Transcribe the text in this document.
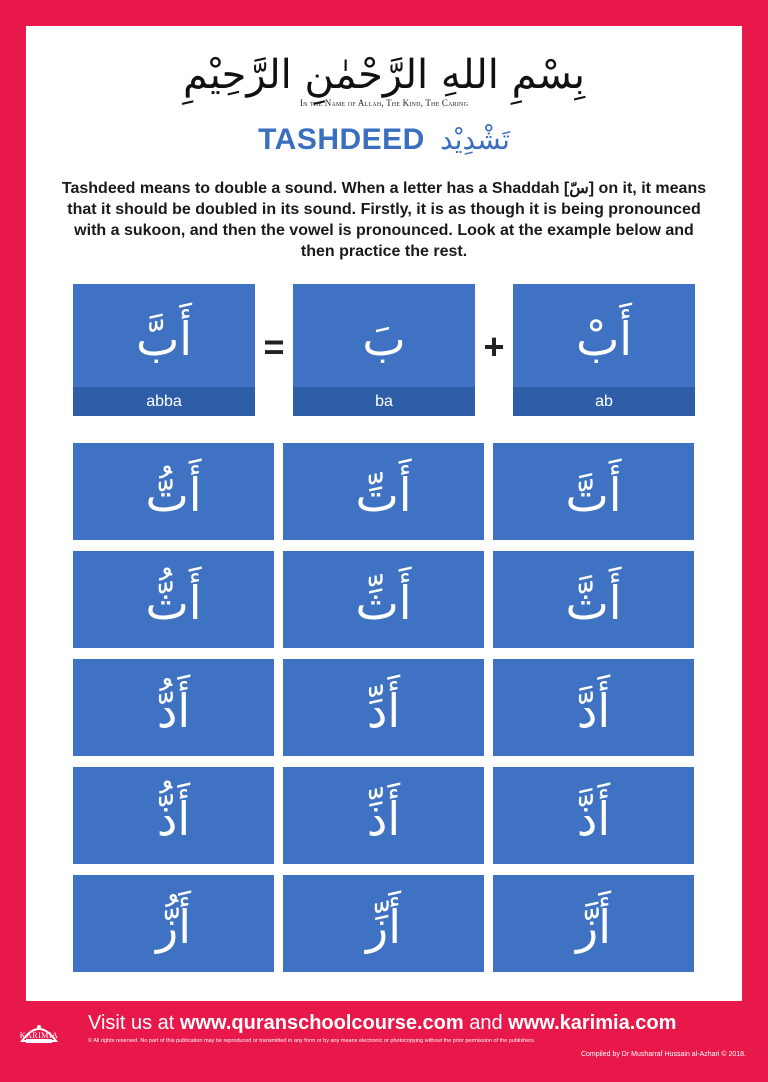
بِسْمِ اللهِ الرَّحْمٰنِ الرَّحِيْمِ
In the Name of Allah, The Kind, The Caring
TASHDEED تَشْدِيْد
Tashdeed means to double a sound. When a letter has a Shaddah [سّ] on it, it means that it should be doubled in its sound. Firstly, it is as though it is being pronounced with a sukoon, and then the vowel is pronounced. Look at the example below and then practice the rest.
أَبَّ
abba
=	بَ
ba
+	أَبْ
ab
أَتُّ	أَتِّ	أَتَّ
أَثُّ	أَثِّ	أَثَّ
أَدُّ	أَدِّ	أَدَّ
أَذُّ	أَذِّ	أَذَّ
أَزُّ	أَزِّ	أَزَّ
KARIMIA
Visit us at www.quranschoolcourse.com and www.karimia.com
© All rights reserved. No part of this publication may be reproduced or transmitted in any form or by any means electronic or photocopying without the prior permission of the publishers.
Compiled by Dr Musharraf Hussain al-Azhari © 2018.
